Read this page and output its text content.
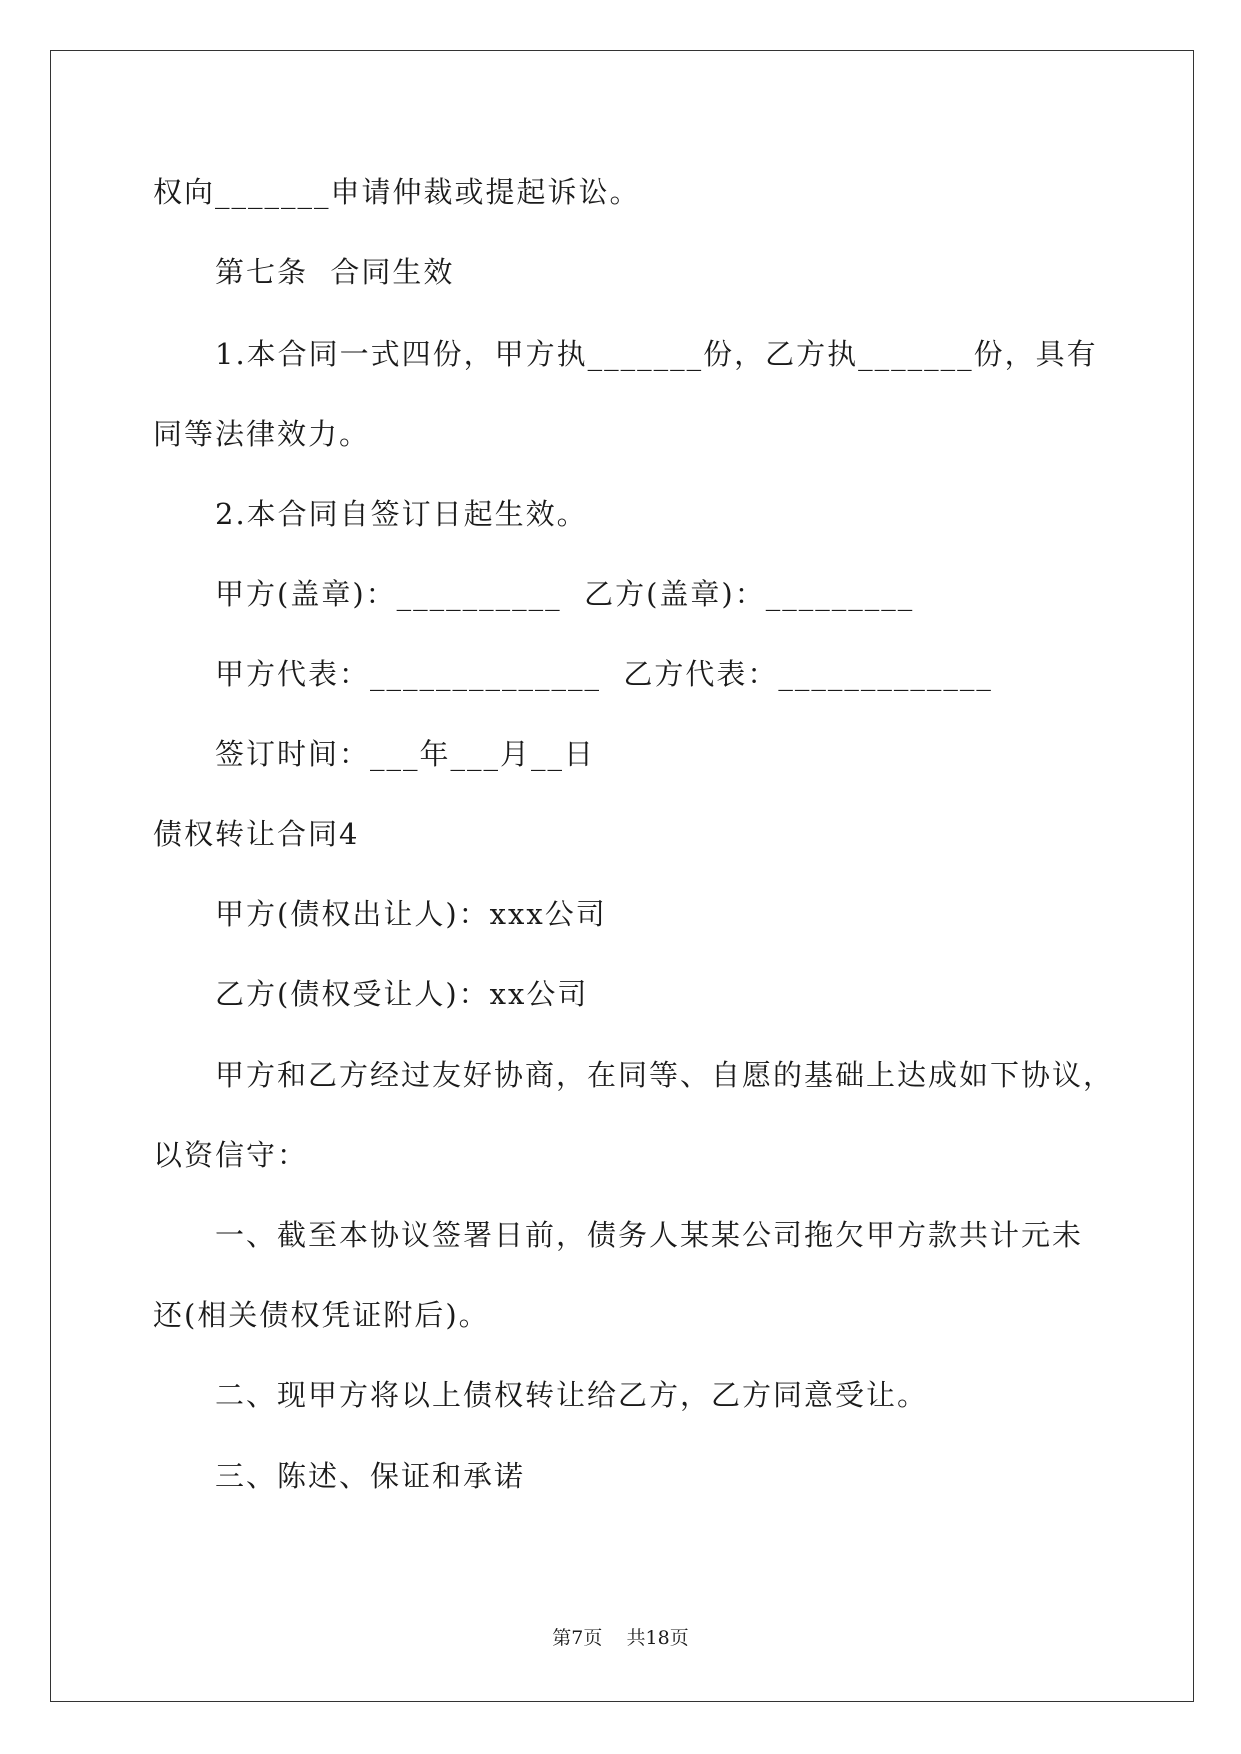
权向_______申请仲裁或提起诉讼。
第七条  合同生效
1.本合同一式四份，甲方执_______份，乙方执_______份，具有
同等法律效力。
2.本合同自签订日起生效。
甲方(盖章)：__________  乙方(盖章)：_________
甲方代表：______________  乙方代表：_____________
签订时间：___年___月__日
债权转让合同4
甲方(债权出让人)：xxx公司
乙方(债权受让人)：xx公司
甲方和乙方经过友好协商，在同等、自愿的基础上达成如下协议，
以资信守：
一、截至本协议签署日前，债务人某某公司拖欠甲方款共计元未
还(相关债权凭证附后)。
二、现甲方将以上债权转让给乙方，乙方同意受让。
三、陈述、保证和承诺
第7页    共18页
